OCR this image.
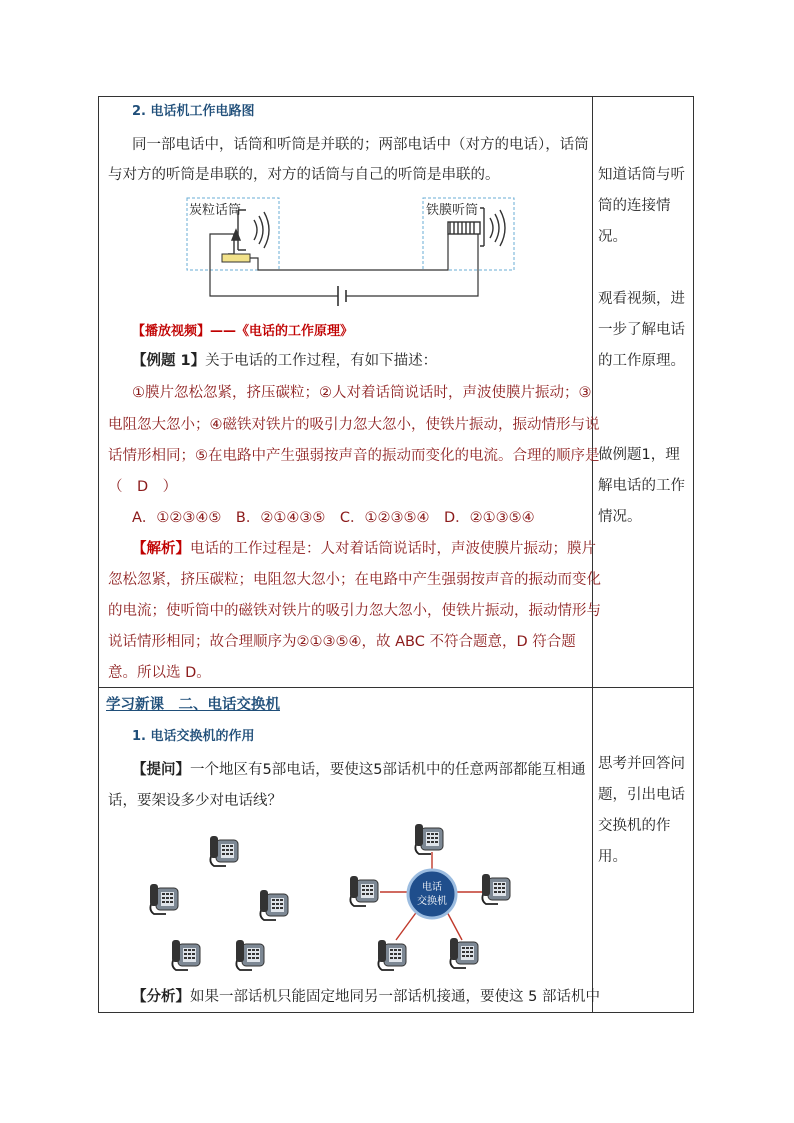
2. 电话机工作电路图
同一部电话中，话筒和听筒是并联的；两部电话中（对方的电话），话筒
与对方的听筒是串联的，对方的话筒与自己的听筒是串联的。
炭粒话筒	铁膜听筒
【播放视频】——《电话的工作原理》
【例题 1】关于电话的工作过程，有如下描述：
①膜片忽松忽紧，挤压碳粒；②人对着话筒说话时，声波使膜片振动；③
电阻忽大忽小；④磁铁对铁片的吸引力忽大忽小，使铁片振动，振动情形与说
话情形相同；⑤在电路中产生强弱按声音的振动而变化的电流。合理的顺序是
（　D　）
A．①②③④⑤　B．②①④③⑤　C．①②③⑤④　D．②①③⑤④
【解析】电话的工作过程是：人对着话筒说话时，声波使膜片振动；膜片
忽松忽紧，挤压碳粒；电阻忽大忽小；在电路中产生强弱按声音的振动而变化
的电流；使听筒中的磁铁对铁片的吸引力忽大忽小，使铁片振动，振动情形与
说话情形相同；故合理顺序为②①③⑤④，故 ABC 不符合题意，D 符合题
意。所以选 D。
知道话筒与听
筒的连接情
况。
观看视频，进
一步了解电话
的工作原理。
做例题1，理
解电话的工作
情况。
学习新课　二、电话交换机
1. 电话交换机的作用
【提问】一个地区有5部电话，要使这5部话机中的任意两部都能互相通
话，要架设多少对电话线？
电话
交换机
【分析】如果一部话机只能固定地同另一部话机接通，要使这 5 部话机中
思考并回答问
题，引出电话
交换机的作
用。
